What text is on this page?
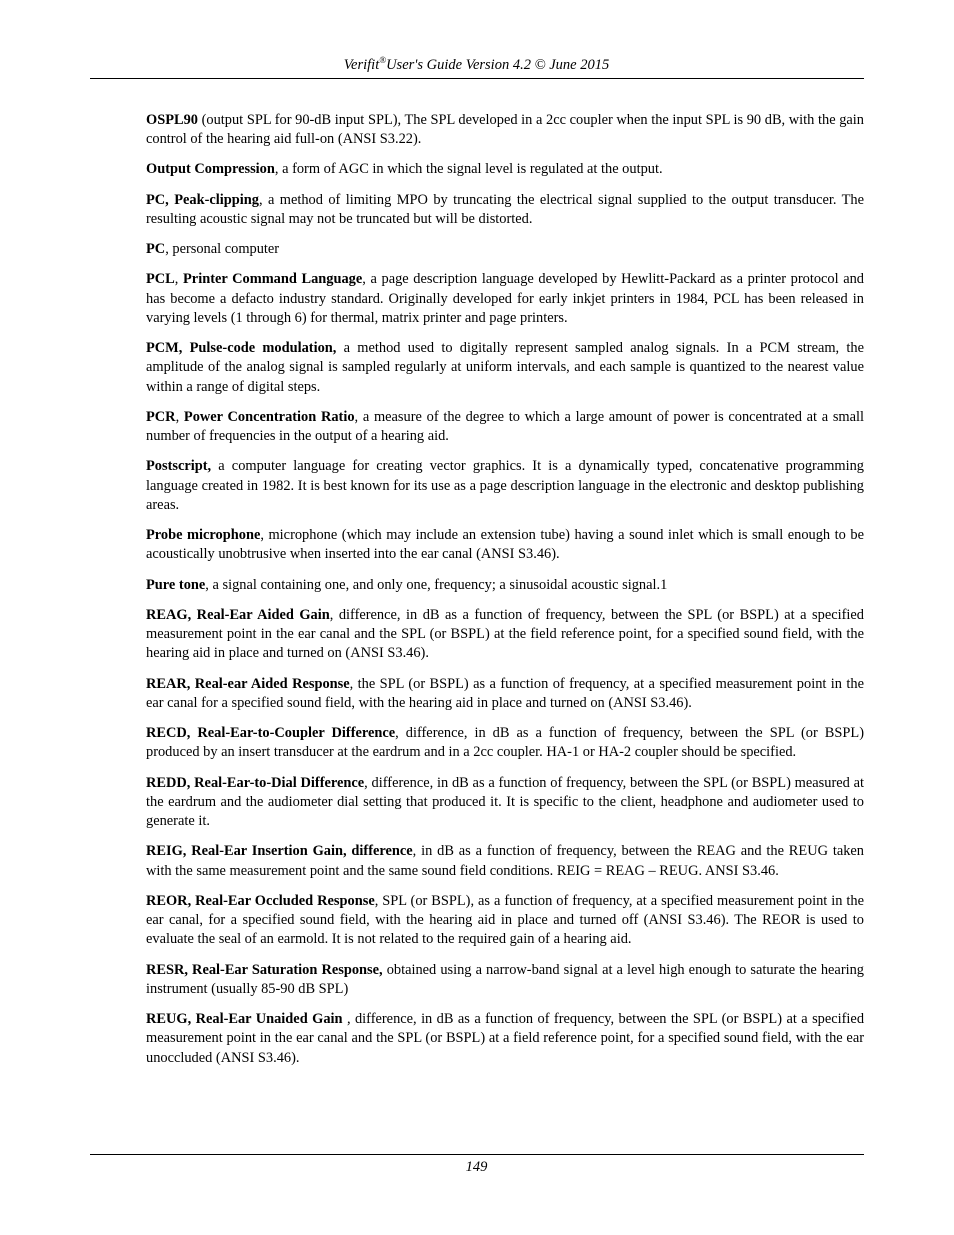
Verifit®User's Guide Version 4.2 © June 2015

OSPL90 (output SPL for 90-dB input SPL), The SPL developed in a 2cc coupler when the input SPL is 90 dB, with the gain control of the hearing aid full-on (ANSI S3.22).

Output Compression, a form of AGC in which the signal level is regulated at the output.

PC, Peak-clipping, a method of limiting MPO by truncating the electrical signal supplied to the output transducer. The resulting acoustic signal may not be truncated but will be distorted.

PC, personal computer

PCL, Printer Command Language, a page description language developed by Hewlitt-Packard as a printer protocol and has become a defacto industry standard. Originally developed for early inkjet printers in 1984, PCL has been released in varying levels (1 through 6) for thermal, matrix printer and page printers.

PCM, Pulse-code modulation, a method used to digitally represent sampled analog signals. In a PCM stream, the amplitude of the analog signal is sampled regularly at uniform intervals, and each sample is quantized to the nearest value within a range of digital steps.

PCR, Power Concentration Ratio, a measure of the degree to which a large amount of power is concentrated at a small number of frequencies in the output of a hearing aid.

Postscript, a computer language for creating vector graphics. It is a dynamically typed, concatenative programming language created in 1982. It is best known for its use as a page description language in the electronic and desktop publishing areas.

Probe microphone, microphone (which may include an extension tube) having a sound inlet which is small enough to be acoustically unobtrusive when inserted into the ear canal (ANSI S3.46).

Pure tone, a signal containing one, and only one, frequency; a sinusoidal acoustic signal.1

REAG, Real-Ear Aided Gain, difference, in dB as a function of frequency, between the SPL (or BSPL) at a specified measurement point in the ear canal and the SPL (or BSPL) at the field reference point, for a specified sound field, with the hearing aid in place and turned on (ANSI S3.46).

REAR, Real-ear Aided Response, the SPL (or BSPL) as a function of frequency, at a specified measurement point in the ear canal for a specified sound field, with the hearing aid in place and turned on (ANSI S3.46).

RECD, Real-Ear-to-Coupler Difference, difference, in dB as a function of frequency, between the SPL (or BSPL) produced by an insert transducer at the eardrum and in a 2cc coupler. HA-1 or HA-2 coupler should be specified.

REDD, Real-Ear-to-Dial Difference, difference, in dB as a function of frequency, between the SPL (or BSPL) measured at the eardrum and the audiometer dial setting that produced it. It is specific to the client, headphone and audiometer used to generate it.

REIG, Real-Ear Insertion Gain, difference, in dB as a function of frequency, between the REAG and the REUG taken with the same measurement point and the same sound field conditions. REIG = REAG – REUG. ANSI S3.46.

REOR, Real-Ear Occluded Response, SPL (or BSPL), as a function of frequency, at a specified measurement point in the ear canal, for a specified sound field, with the hearing aid in place and turned off (ANSI S3.46). The REOR is used to evaluate the seal of an earmold. It is not related to the required gain of a hearing aid.

RESR, Real-Ear Saturation Response, obtained using a narrow-band signal at a level high enough to saturate the hearing instrument (usually 85-90 dB SPL)

REUG, Real-Ear Unaided Gain , difference, in dB as a function of frequency, between the SPL (or BSPL) at a specified measurement point in the ear canal and the SPL (or BSPL) at a field reference point, for a specified sound field, with the ear unoccluded (ANSI S3.46).

149
